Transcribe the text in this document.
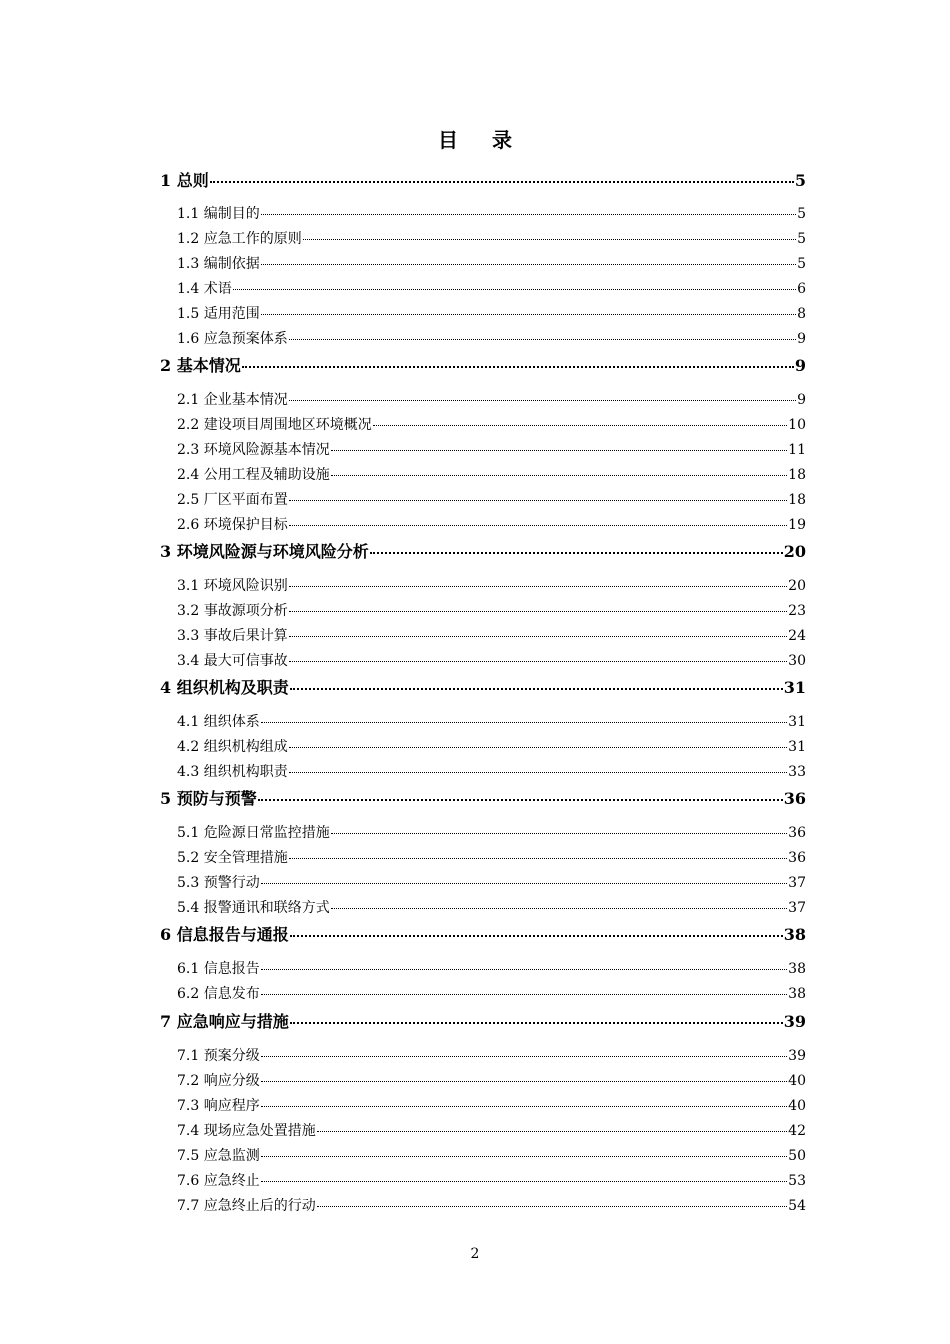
目录
1 总则	5
1.1 编制目的	5
1.2 应急工作的原则	5
1.3 编制依据	5
1.4 术语	6
1.5 适用范围	8
1.6 应急预案体系	9
2 基本情况	9
2.1 企业基本情况	9
2.2 建设项目周围地区环境概况	10
2.3 环境风险源基本情况	11
2.4 公用工程及辅助设施	18
2.5 厂区平面布置	18
2.6 环境保护目标	19
3 环境风险源与环境风险分析	20
3.1 环境风险识别	20
3.2 事故源项分析	23
3.3 事故后果计算	24
3.4 最大可信事故	30
4 组织机构及职责	31
4.1 组织体系	31
4.2 组织机构组成	31
4.3 组织机构职责	33
5 预防与预警	36
5.1 危险源日常监控措施	36
5.2 安全管理措施	36
5.3 预警行动	37
5.4 报警通讯和联络方式	37
6 信息报告与通报	38
6.1 信息报告	38
6.2 信息发布	38
7 应急响应与措施	39
7.1 预案分级	39
7.2 响应分级	40
7.3 响应程序	40
7.4 现场应急处置措施	42
7.5 应急监测	50
7.6 应急终止	53
7.7 应急终止后的行动	54
2
